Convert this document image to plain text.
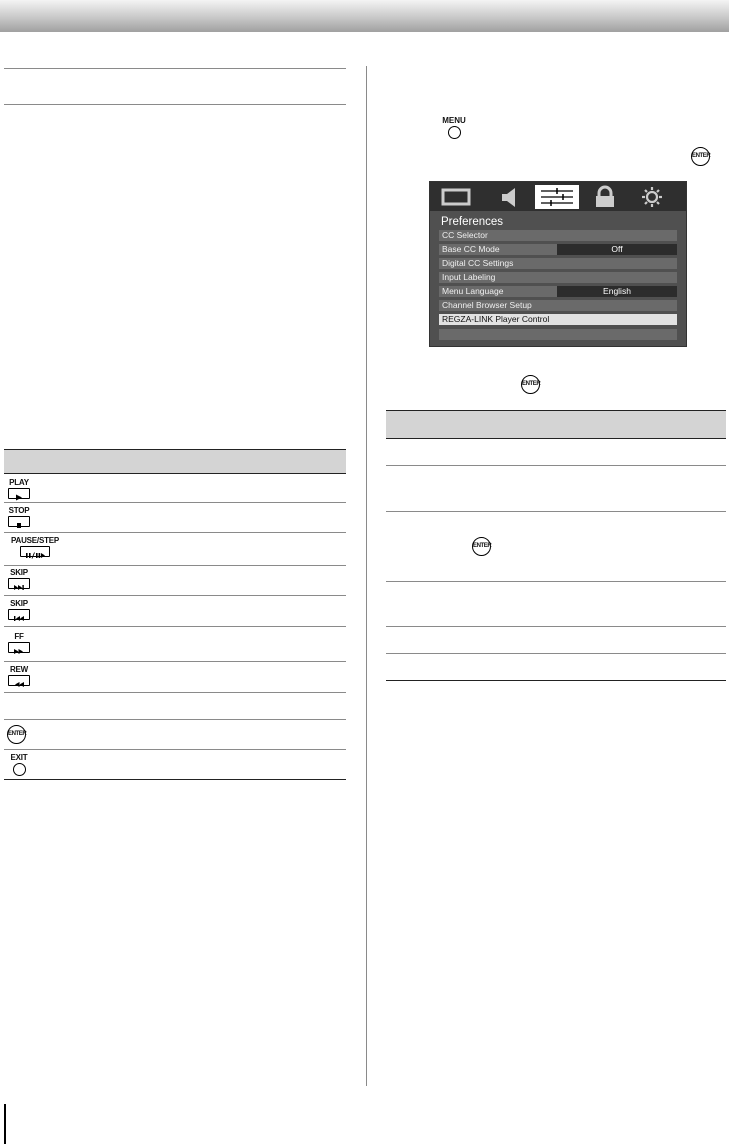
PLAY
STOP
PAUSE/STEP
SKIP
SKIP
FF
REW
ENTER
EXIT
MENU
ENTER
Preferences
CC Selector
Base CC Mode	Off
Digital CC Settings
Input Labeling
Menu Language	English
Channel Browser Setup
REGZA-LINK Player Control
ENTER
ENTER
